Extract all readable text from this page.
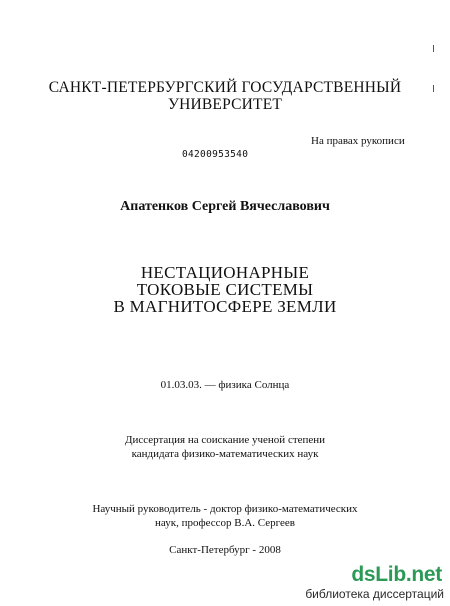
САНКТ-ПЕТЕРБУРГСКИЙ ГОСУДАРСТВЕННЫЙ
УНИВЕРСИТЕТ
На правах рукописи
04200953540
Апатенков Сергей Вячеславович
НЕСТАЦИОНАРНЫЕ
ТОКОВЫЕ СИСТЕМЫ
В МАГНИТОСФЕРЕ ЗЕМЛИ
01.03.03. — физика Солнца
Диссертация на соискание ученой степени
кандидата физико-математических наук
Научный руководитель - доктор физико-математических
наук, профессор В.А. Сергеев
Санкт-Петербург - 2008
dsLib.net
библиотека диссертаций
